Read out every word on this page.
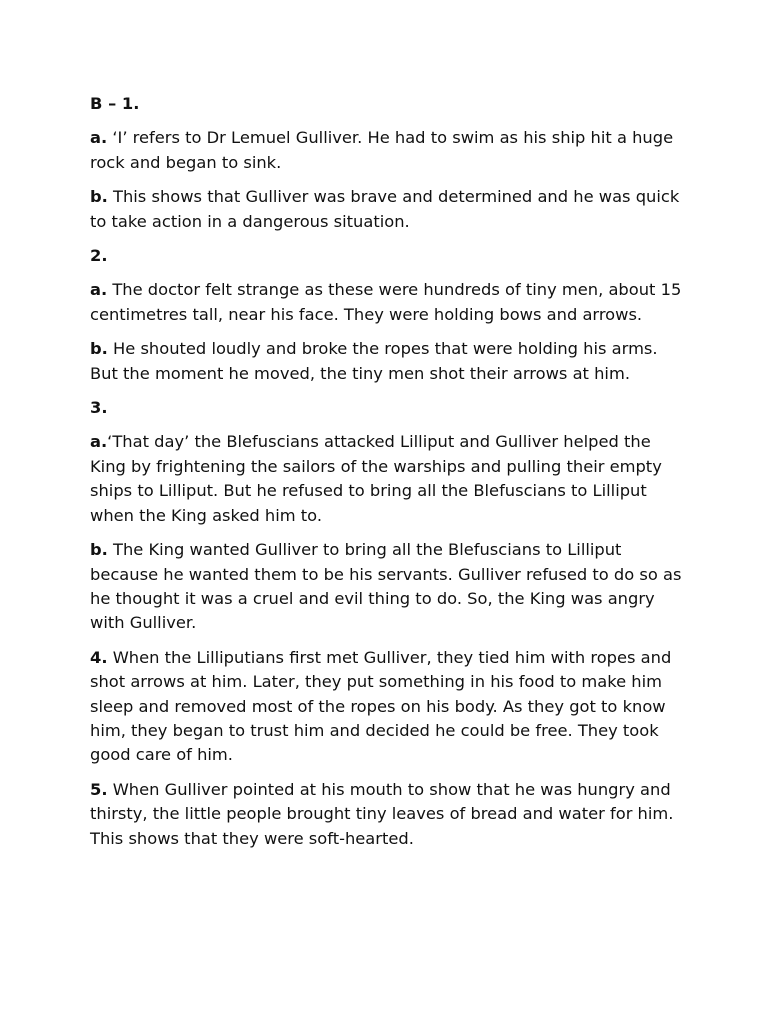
B – 1.

a. ‘I’ refers to Dr Lemuel Gulliver. He had to swim as his ship hit a huge rock and began to sink.

b. This shows that Gulliver was brave and determined and he was quick to take action in a dangerous situation.

2.

a. The doctor felt strange as these were hundreds of tiny men, about 15 centimetres tall, near his face. They were holding bows and arrows.

b. He shouted loudly and broke the ropes that were holding his arms. But the moment he moved, the tiny men shot their arrows at him.

3.

a.‘That day’ the Blefuscians attacked Lilliput and Gulliver helped the King by frightening the sailors of the warships and pulling their empty ships to Lilliput. But he refused to bring all the Blefuscians to Lilliput when the King asked him to.

b. The King wanted Gulliver to bring all the Blefuscians to Lilliput because he wanted them to be his servants. Gulliver refused to do so as he thought it was a cruel and evil thing to do. So, the King was angry with Gulliver.

4. When the Lilliputians first met Gulliver, they tied him with ropes and shot arrows at him. Later, they put something in his food to make him sleep and removed most of the ropes on his body. As they got to know him, they began to trust him and decided he could be free. They took good care of him.

5. When Gulliver pointed at his mouth to show that he was hungry and thirsty, the little people brought tiny leaves of bread and water for him. This shows that they were soft-hearted.
